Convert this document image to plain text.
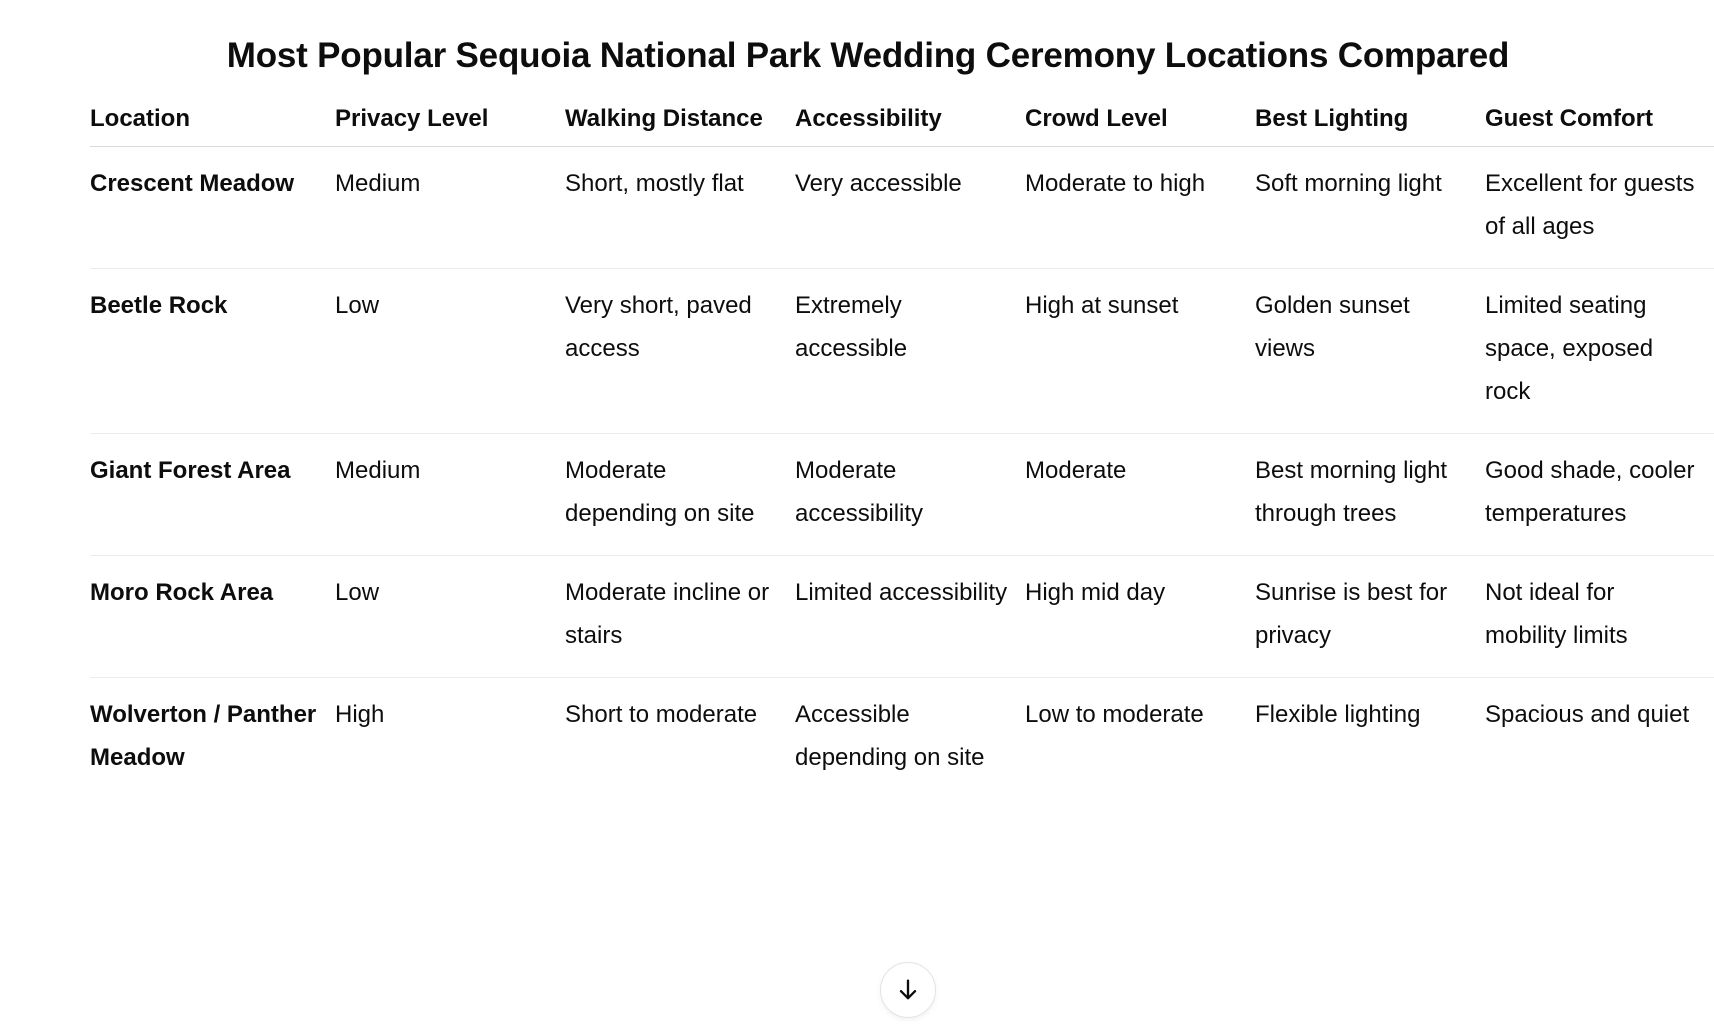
Most Popular Sequoia National Park Wedding Ceremony Locations Compared
Location	Privacy Level	Walking Distance	Accessibility	Crowd Level	Best Lighting	Guest Comfort
Crescent Meadow	Medium	Short, mostly flat	Very accessible	Moderate to high	Soft morning light	Excellent for guests of all ages
Beetle Rock	Low	Very short, paved access	Extremely accessible	High at sunset	Golden sunset views	Limited seating space, exposed rock
Giant Forest Area	Medium	Moderate depending on site	Moderate accessibility	Moderate	Best morning light through trees	Good shade, cooler temperatures
Moro Rock Area	Low	Moderate incline or stairs	Limited accessibility	High mid day	Sunrise is best for privacy	Not ideal for mobility limits
Wolverton / Panther Meadow	High	Short to moderate	Accessible depending on site	Low to moderate	Flexible lighting	Spacious and quiet
